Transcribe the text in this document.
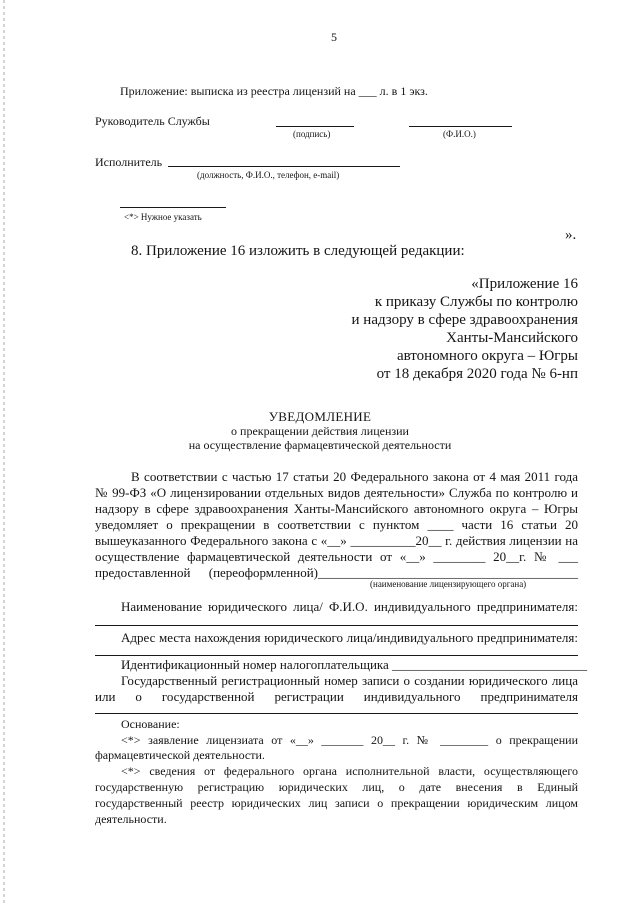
5
Приложение: выписка из реестра лицензий на ___ л. в 1 экз.
Руководитель Службы
(подпись)	(Ф.И.О.)
Исполнитель
(должность, Ф.И.О., телефон, e-mail)
<*> Нужное указать
».
8. Приложение 16 изложить в следующей редакции:
«Приложение 16
к приказу Службы по контролю
и надзору в сфере здравоохранения
Ханты-Мансийского
автономного округа – Югры
от 18 декабря 2020 года № 6-нп
УВЕДОМЛЕНИЕ
о прекращении действия лицензии
на осуществление фармацевтической деятельности
В соответствии с частью 17 статьи 20 Федерального закона от 4 мая 2011 года
№ 99-ФЗ «О лицензировании отдельных видов деятельности» Служба по контролю и
надзору в сфере здравоохранения Ханты-Мансийского автономного округа – Югры
уведомляет о прекращении в соответствии с пунктом ____ части 16 статьи 20
вышеуказанного Федерального закона с «__» __________20__ г. действия лицензии на
осуществление фармацевтической деятельности от «__» ________ 20__г. № ___
предоставленной (переоформленной)________________________________________
(наименование лицензирующего органа)
Наименование юридического лица/ Ф.И.О. индивидуального предпринимателя:
Адрес места нахождения юридического лица/индивидуального предпринимателя:
Идентификационный номер налогоплательщика ______________________________
Государственный регистрационный номер записи о создании юридического лица
или о государственной регистрации индивидуального предпринимателя
Основание:
<*> заявление лицензиата от «__» _______ 20__ г. № ________ о прекращении
фармацевтической деятельности.
<*> сведения от федерального органа исполнительной власти, осуществляющего
государственную регистрацию юридических лиц, о дате внесения в Единый
государственный реестр юридических лиц записи о прекращении юридическим лицом
деятельности.
